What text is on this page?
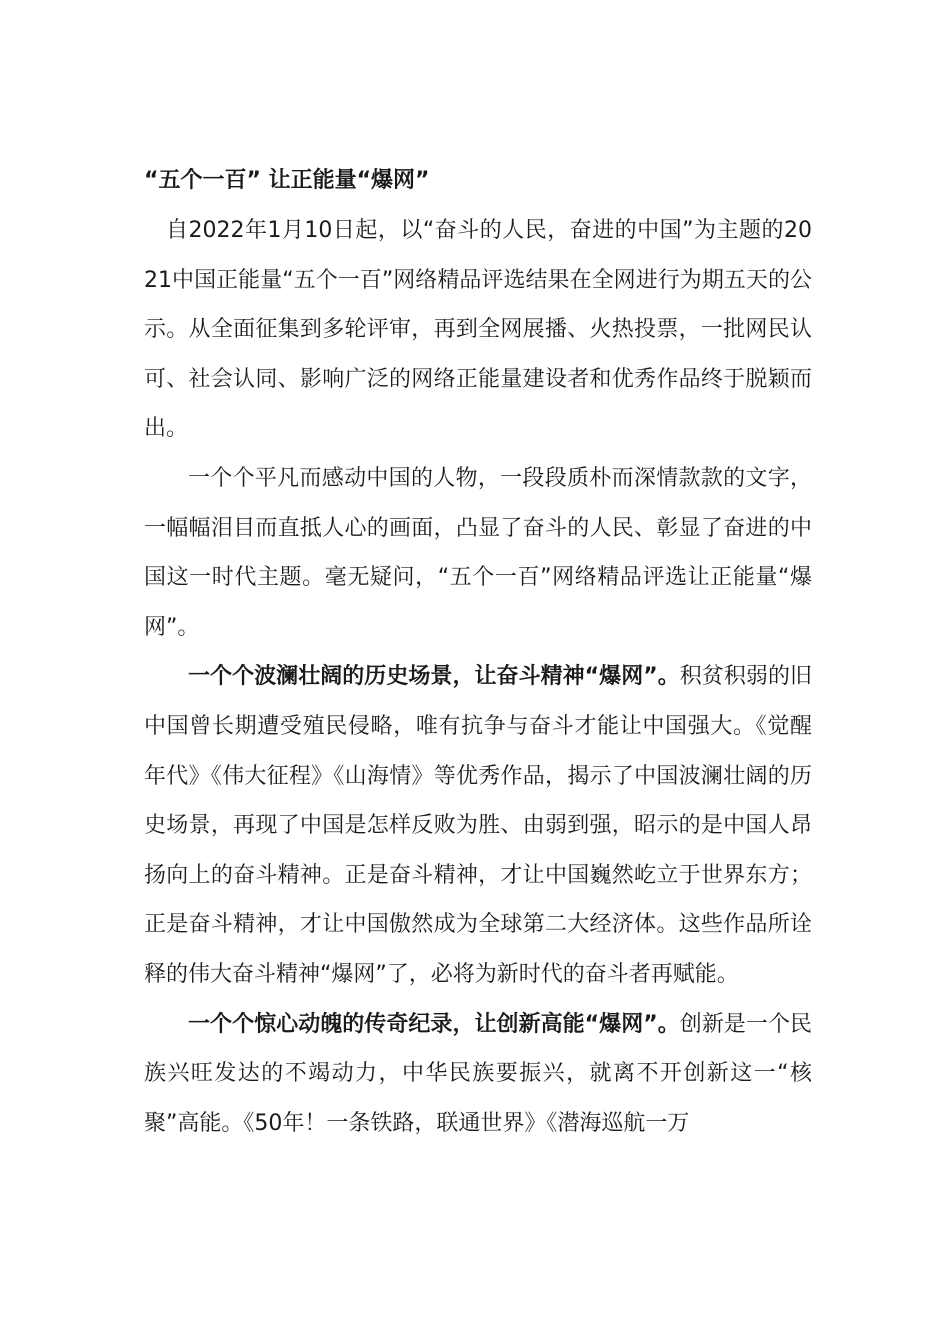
“五个一百” 让正能量“爆网”

自2022年1月10日起，以“奋斗的人民，奋进的中国”为主题的2021中国正能量“五个一百”网络精品评选结果在全网进行为期五天的公示。从全面征集到多轮评审，再到全网展播、火热投票，一批网民认可、社会认同、影响广泛的网络正能量建设者和优秀作品终于脱颖而出。

一个个平凡而感动中国的人物，一段段质朴而深情款款的文字，一幅幅泪目而直抵人心的画面，凸显了奋斗的人民、彰显了奋进的中国这一时代主题。毫无疑问，“五个一百”网络精品评选让正能量“爆网”。

一个个波澜壮阔的历史场景，让奋斗精神“爆网”。积贫积弱的旧中国曾长期遭受殖民侵略，唯有抗争与奋斗才能让中国强大。《觉醒年代》《伟大征程》《山海情》等优秀作品，揭示了中国波澜壮阔的历史场景，再现了中国是怎样反败为胜、由弱到强，昭示的是中国人昂扬向上的奋斗精神。正是奋斗精神，才让中国巍然屹立于世界东方；正是奋斗精神，才让中国傲然成为全球第二大经济体。这些作品所诠释的伟大奋斗精神“爆网”了，必将为新时代的奋斗者再赋能。

一个个惊心动魄的传奇纪录，让创新高能“爆网”。创新是一个民族兴旺发达的不竭动力，中华民族要振兴，就离不开创新这一“核聚”高能。《50年！一条铁路，联通世界》《潜海巡航一万
